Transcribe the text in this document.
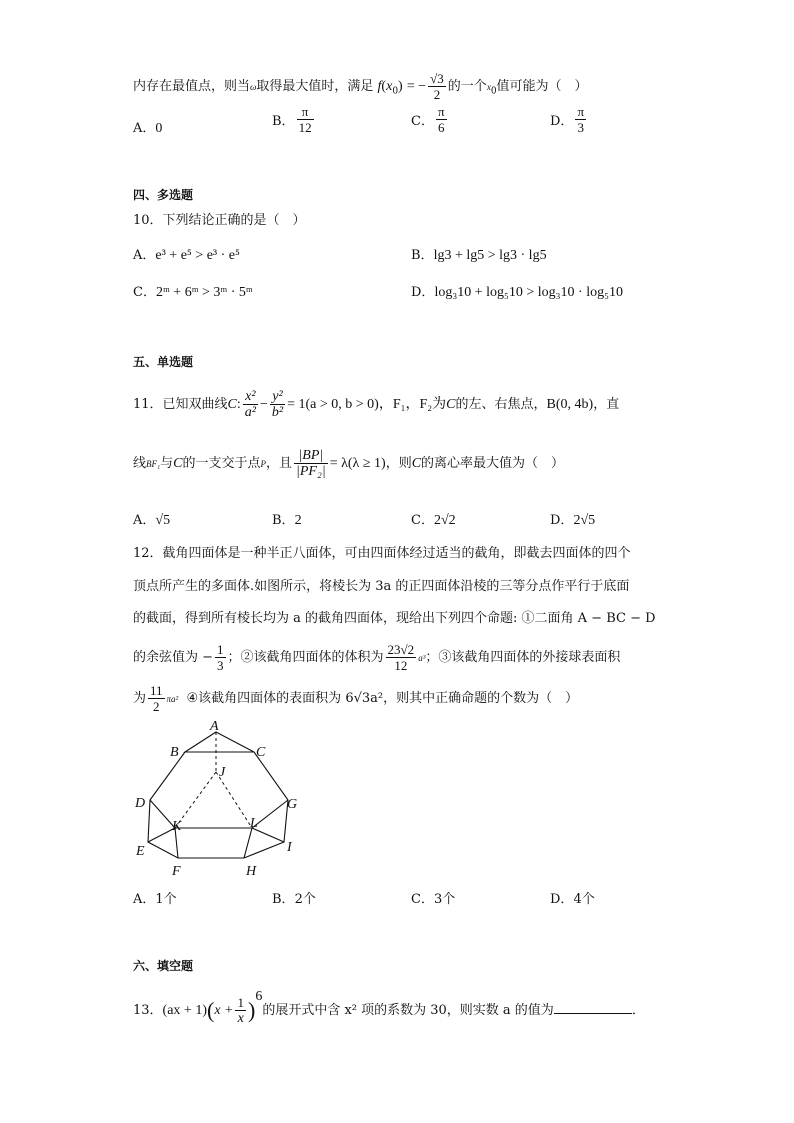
内存在最值点，则当ω取得最大值时，满足 $f(x_0)$ = − $\frac{√3}{2}$ 的一个$x_0$值可能为（　）
A．0	B． $\frac{\pi}{12}$	C． $\frac{\pi}{6}$	D． $\frac{\pi}{3}$
四、多选题
10．下列结论正确的是（　）
A．e³ + e⁵ > e³ · e⁵	B．lg3 + lg5 > lg3 · lg5
C．2ᵐ + 6ᵐ > 3ᵐ · 5ᵐ	D．log₃10 + log₅10 > log₃10 · log₅10
五、单选题
11．已知双曲线C: $\frac{\text{x²}}{\text{a²}} - \frac{\text{y²}}{\text{b²}} = 1(a > 0$, b > 0)，F₁，F₂为C的左、右焦点，B(0, 4b)，直
线BF₁与C的一支交于点P，且 $\frac{|BP|}{\text{|PF₂|}} = \lambda(\lambda \ge 1)$，则C的离心率最大值为（　）
A．√5	B．2	C．2√2	D．2√5
12．截角四面体是一种半正八面体，可由四面体经过适当的截角，即截去四面体的四个
顶点所产生的多面体.如图所示，将棱长为 3a 的正四面体沿棱的三等分点作平行于底面
的截面，得到所有棱长均为 a 的截角四面体，现给出下列四个命题: ①二面角 A − BC − D
的余弦值为 − $\frac{1}{3}$ ；②该截角四面体的体积为 $\frac{23√2}{12} a^3$；③该截角四面体的外接球表面积
为 $\frac{11}{2} \pi a^2$ ④该截角四面体的表面积为 6√3a²，则其中正确命题的个数为（　）
A
B	C
J
D	G
K	L
E	I
F	H
A．1个	B．2个	C．3个	D．4个
六、填空题
13．$(ax + 1)(x + \frac{1}{x} )^6$的展开式中含 x² 项的系数为 30，则实数 a 的值为	．
